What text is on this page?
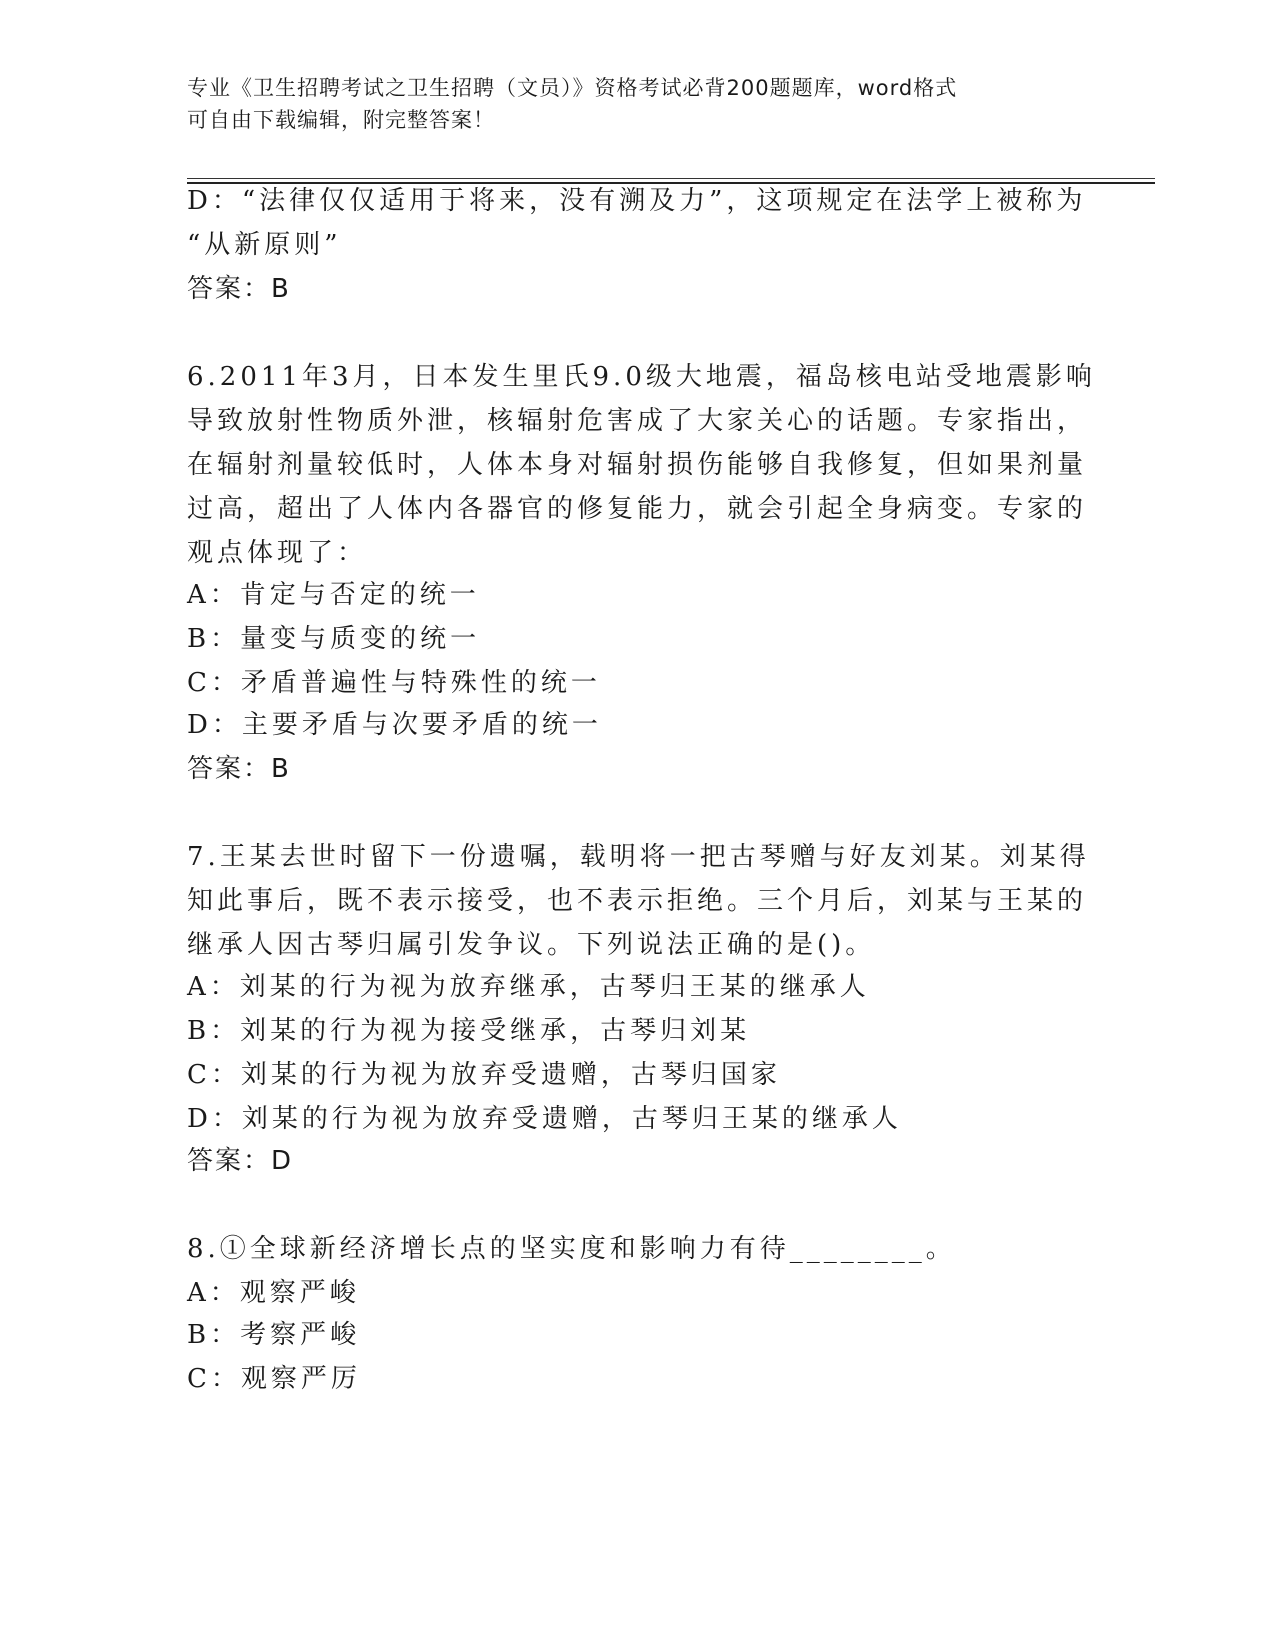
专业《卫生招聘考试之卫生招聘（文员）》资格考试必背200题题库，word格式
可自由下载编辑，附完整答案！
D：“法律仅仅适用于将来，没有溯及力”，这项规定在法学上被称为
“从新原则”
答案：B
6.2011年3月，日本发生里氏9.0级大地震，福岛核电站受地震影响
导致放射性物质外泄，核辐射危害成了大家关心的话题。专家指出，
在辐射剂量较低时，人体本身对辐射损伤能够自我修复，但如果剂量
过高，超出了人体内各器官的修复能力，就会引起全身病变。专家的
观点体现了：
A：肯定与否定的统一
B：量变与质变的统一
C：矛盾普遍性与特殊性的统一
D：主要矛盾与次要矛盾的统一
答案：B
7.王某去世时留下一份遗嘱，载明将一把古琴赠与好友刘某。刘某得
知此事后，既不表示接受，也不表示拒绝。三个月后，刘某与王某的
继承人因古琴归属引发争议。下列说法正确的是()。
A：刘某的行为视为放弃继承，古琴归王某的继承人
B：刘某的行为视为接受继承，古琴归刘某
C：刘某的行为视为放弃受遗赠，古琴归国家
D：刘某的行为视为放弃受遗赠，古琴归王某的继承人
答案：D
8.①全球新经济增长点的坚实度和影响力有待________。
A：观察严峻
B：考察严峻
C：观察严厉
